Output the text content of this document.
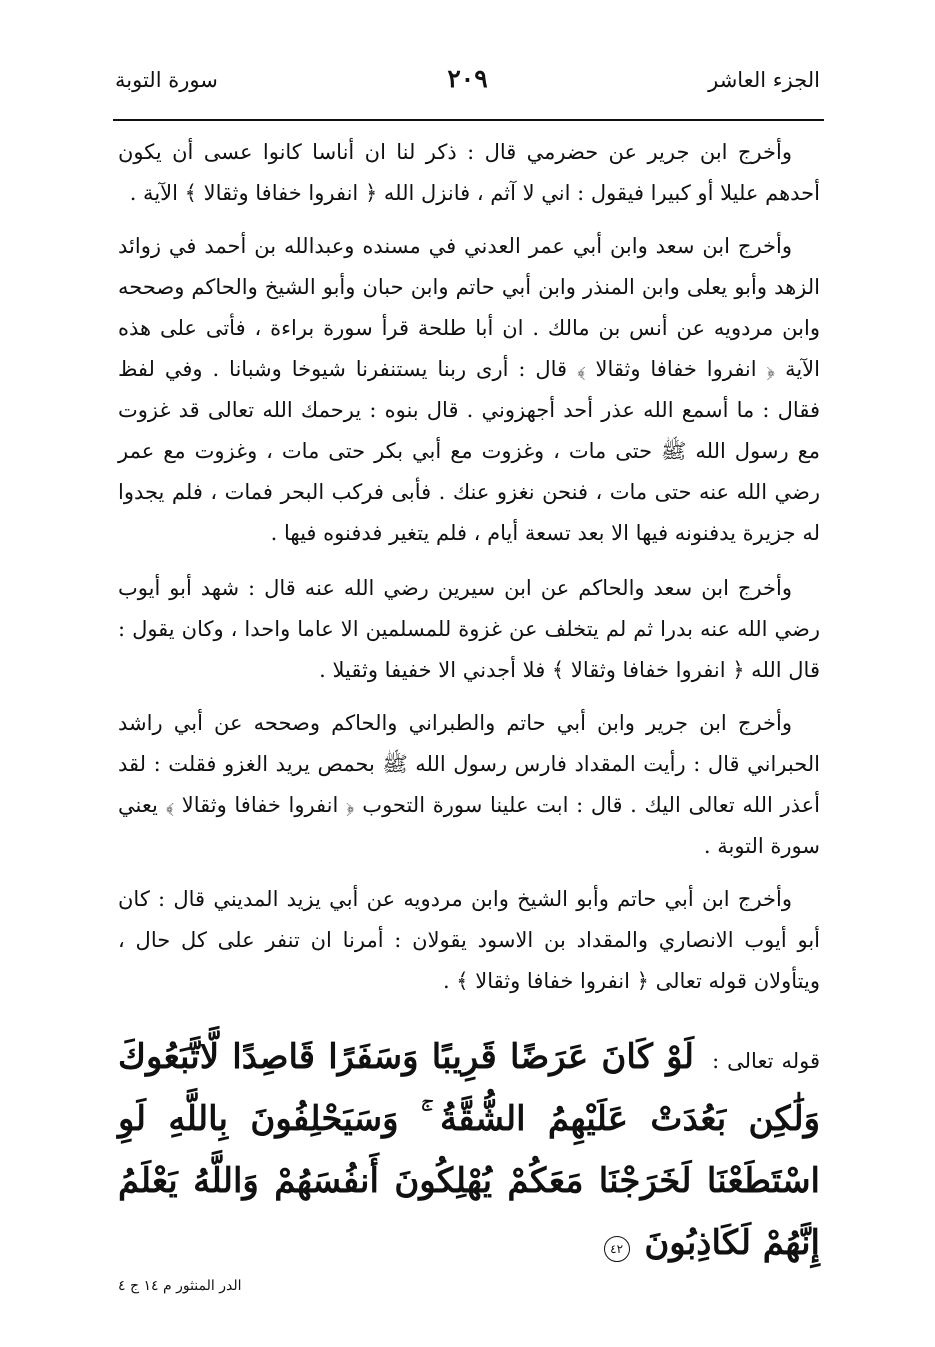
الجزء العاشر
٢٠٩
سورة التوبة

وأخرج ابن جرير عن حضرمي قال : ذكر لنا ان أناسا كانوا عسى أن يكون أحدهم عليلا أو كبيرا فيقول : اني لا آثم ، فانزل الله ﴿ انفروا خفافا وثقالا ﴾ الآية .

وأخرج ابن سعد وابن أبي عمر العدني في مسنده وعبدالله بن أحمد في زوائد الزهد وأبو يعلى وابن المنذر وابن أبي حاتم وابن حبان وأبو الشيخ والحاكم وصححه وابن مردويه عن أنس بن مالك . ان أبا طلحة قرأ سورة براءة ، فأتى على هذه الآية ﴿ انفروا خفافا وثقالا ﴾ قال : أرى ربنا يستنفرنا شيوخا وشبانا . وفي لفظ فقال : ما أسمع الله عذر أحد أجهزوني . قال بنوه : يرحمك الله تعالى قد غزوت مع رسول الله ﷺ حتى مات ، وغزوت مع أبي بكر حتى مات ، وغزوت مع عمر رضي الله عنه حتى مات ، فنحن نغزو عنك . فأبى فركب البحر فمات ، فلم يجدوا له جزيرة يدفنونه فيها الا بعد تسعة أيام ، فلم يتغير فدفنوه فيها .

وأخرج ابن سعد والحاكم عن ابن سيرين رضي الله عنه قال : شهد أبو أيوب رضي الله عنه بدرا ثم لم يتخلف عن غزوة للمسلمين الا عاما واحدا ، وكان يقول : قال الله ﴿ انفروا خفافا وثقالا ﴾ فلا أجدني الا خفيفا وثقيلا .

وأخرج ابن جرير وابن أبي حاتم والطبراني والحاكم وصححه عن أبي راشد الحبراني قال : رأيت المقداد فارس رسول الله ﷺ بحمص يريد الغزو فقلت : لقد أعذر الله تعالى اليك . قال : ابت علينا سورة التحوب ﴿ انفروا خفافا وثقالا ﴾ يعني سورة التوبة .

وأخرج ابن أبي حاتم وأبو الشيخ وابن مردويه عن أبي يزيد المديني قال : كان أبو أيوب الانصاري والمقداد بن الاسود يقولان : أمرنا ان تنفر على كل حال ، ويتأولان قوله تعالى ﴿ انفروا خفافا وثقالا ﴾ .

قوله تعالى : لَوْ كَانَ عَرَضًا قَرِيبًا وَسَفَرًا قَاصِدًا لَّاتَّبَعُوكَ وَلَٰكِن بَعُدَتْ عَلَيْهِمُ الشُّقَّةُ ۚ وَسَيَحْلِفُونَ بِاللَّهِ لَوِ اسْتَطَعْنَا لَخَرَجْنَا مَعَكُمْ يُهْلِكُونَ أَنفُسَهُمْ وَاللَّهُ يَعْلَمُ إِنَّهُمْ لَكَاذِبُونَ ٤٢
الدر المنثور م ١٤ ج ٤
